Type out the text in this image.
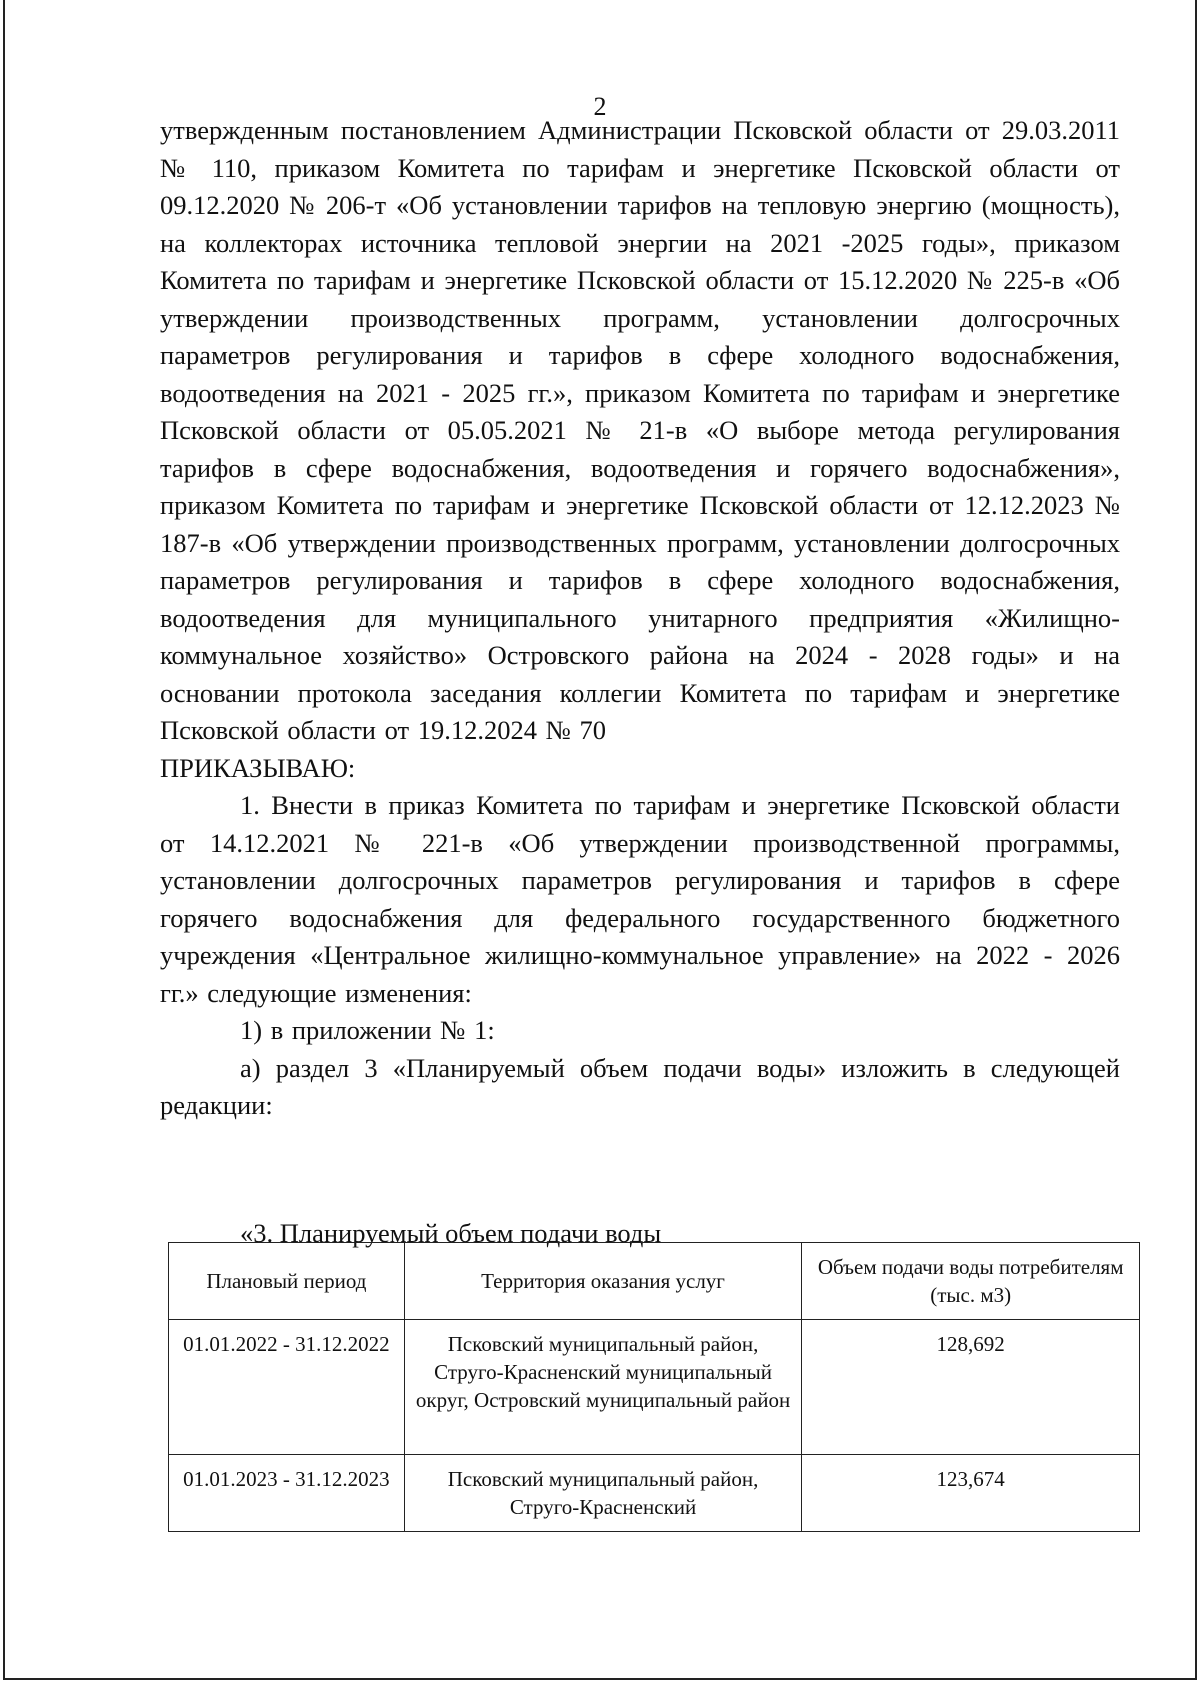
2

утвержденным постановлением Администрации Псковской области от 29.03.2011 № 110, приказом Комитета по тарифам и энергетике Псковской области от 09.12.2020 № 206-т «Об установлении тарифов на тепловую энергию (мощность), на коллекторах источника тепловой энергии на 2021 -2025 годы», приказом Комитета по тарифам и энергетике Псковской области от 15.12.2020 № 225-в «Об утверждении производственных программ, установлении долгосрочных параметров регулирования и тарифов в сфере холодного водоснабжения, водоотведения на 2021 - 2025 гг.», приказом Комитета по тарифам и энергетике Псковской области от 05.05.2021 № 21-в «О выборе метода регулирования тарифов в сфере водоснабжения, водоотведения и горячего водоснабжения», приказом Комитета по тарифам и энергетике Псковской области от 12.12.2023 № 187-в «Об утверждении производственных программ, установлении долгосрочных параметров регулирования и тарифов в сфере холодного водоснабжения, водоотведения для муниципального унитарного предприятия «Жилищно-коммунальное хозяйство» Островского района на 2024 - 2028 годы» и на основании протокола заседания коллегии Комитета по тарифам и энергетике Псковской области от 19.12.2024 № 70

ПРИКАЗЫВАЮ:

1. Внести в приказ Комитета по тарифам и энергетике Псковской области от 14.12.2021 № 221-в «Об утверждении производственной программы, установлении долгосрочных параметров регулирования и тарифов в сфере горячего водоснабжения для федерального государственного бюджетного учреждения «Центральное жилищно-коммунальное управление» на 2022 - 2026 гг.» следующие изменения:

1) в приложении № 1:

а) раздел 3 «Планируемый объем подачи воды» изложить в следующей редакции:

«3. Планируемый объем подачи воды
Плановый период	Территория оказания услуг	Объем подачи воды потребителям (тыс. м3)
01.01.2022 - 31.12.2022	Псковский муниципальный район, Струго-Красненский муниципальный округ, Островский муниципальный район	128,692
01.01.2023 - 31.12.2023	Псковский муниципальный район, Струго-Красненский	123,674
